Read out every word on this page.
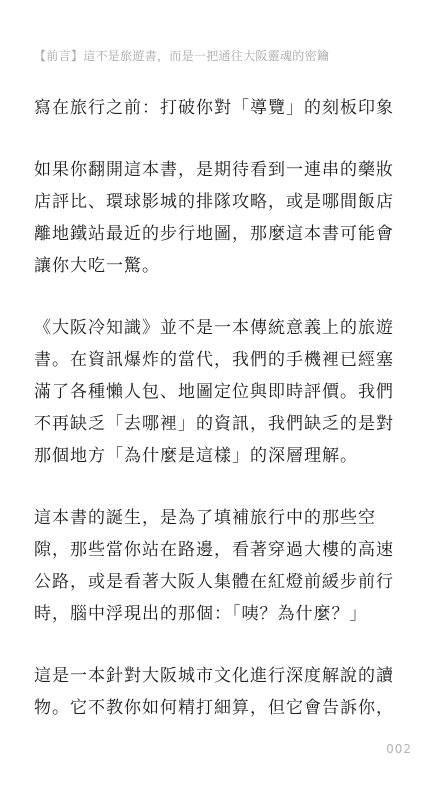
【前言】這不是旅遊書，而是一把通往大阪靈魂的密鑰
寫在旅行之前：打破你對「導覽」的刻板印象
如果你翻開這本書，是期待看到一連串的藥妝
店評比、環球影城的排隊攻略，或是哪間飯店
離地鐵站最近的步行地圖，那麼這本書可能會
讓你大吃一驚。
《大阪冷知識》並不是一本傳統意義上的旅遊
書。在資訊爆炸的當代，我們的手機裡已經塞
滿了各種懶人包、地圖定位與即時評價。我們
不再缺乏「去哪裡」的資訊，我們缺乏的是對
那個地方「為什麼是這樣」的深層理解。
這本書的誕生，是為了填補旅行中的那些空
隙，那些當你站在路邊，看著穿過大樓的高速
公路，或是看著大阪人集體在紅燈前緩步前行
時，腦中浮現出的那個：「咦？為什麼？」
這是一本針對大阪城市文化進行深度解說的讀
物。它不教你如何精打細算，但它會告訴你，
002
